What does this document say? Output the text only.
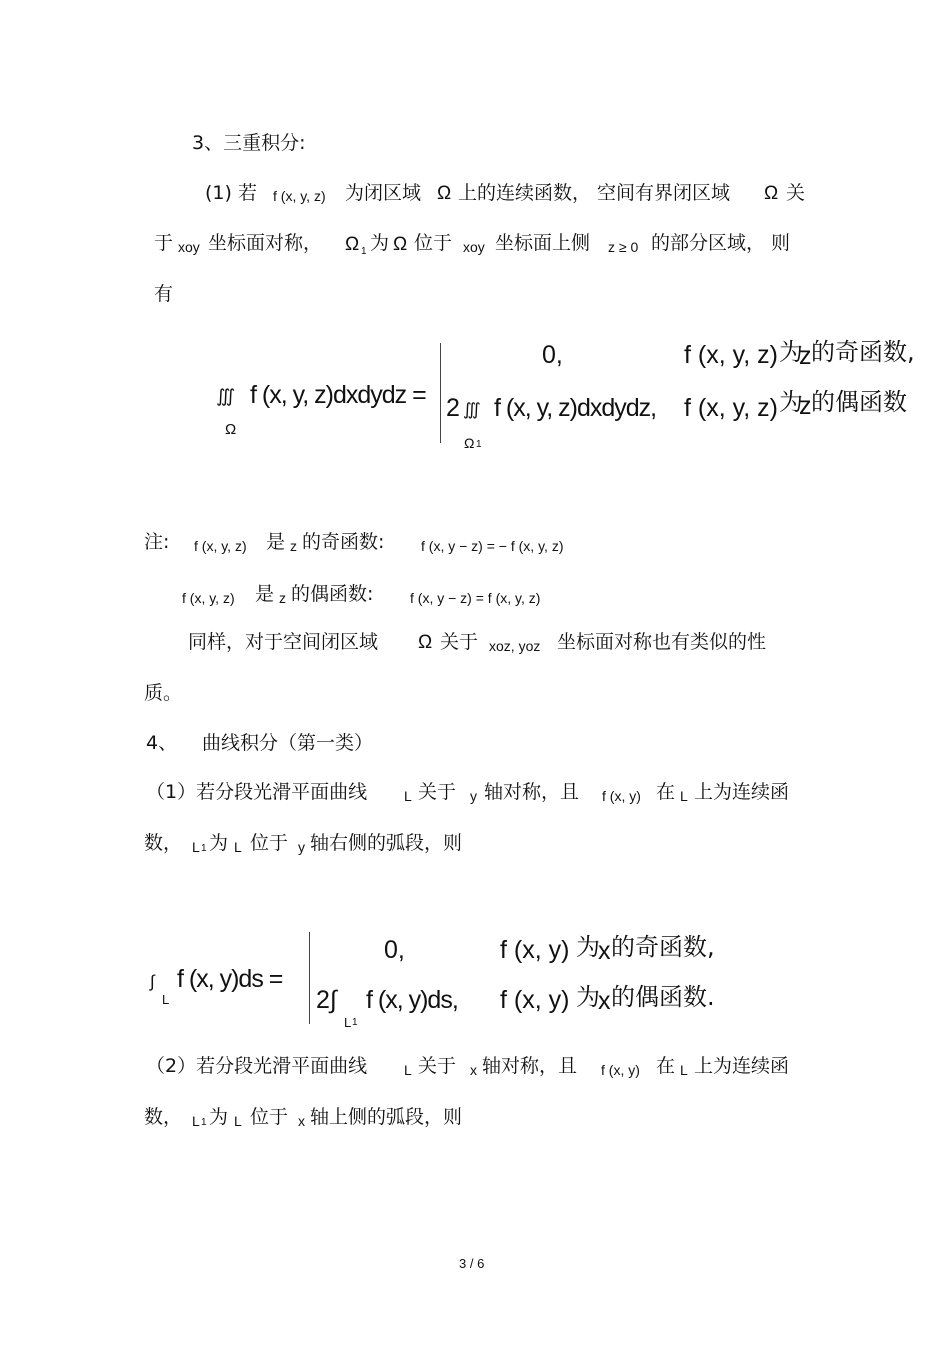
3、三重积分:
(1) 若 f (x, y, z) 为闭区域 Ω 上的连续函数， 空间有界闭区域 Ω 关
于 xoy 坐标面对称， Ω 1 为 Ω 位于 xoy 坐标面上侧 z ≥ 0 的部分区域， 则
有
∭
Ω
f (x, y, z)dxdydz =
0,	f (x, y, z) 为
z 的奇函数,
2 ∭
Ω 1
f (x, y, z)dxdydz, f (x, y, z) 为
z 的偶函数
注: f (x, y, z) 是 z 的奇函数:	f (x, y − z) = − f (x, y, z)
f (x, y, z) 是 z 的偶函数:	f (x, y − z) = f (x, y, z)
同样，对于空间闭区域 Ω 关于 xoz, yoz 坐标面对称也有类似的性
质。
4、 曲线积分（第一类）
（1）若分段光滑平面曲线	L 关于 y 轴对称，且 f (x, y) 在 L 上为连续函
数， L 1 为 L 位于 y 轴右侧的弧段，则
∫
L
f (x, y)ds =
0,	f (x, y) 为
x 的奇函数,
2∫
L 1
f (x, y)ds, f (x, y) 为
x 的偶函数.
（2）若分段光滑平面曲线	L 关于 x 轴对称，且 f (x, y) 在 L 上为连续函
数， L 1 为 L 位于 x 轴上侧的弧段，则
3 / 6
